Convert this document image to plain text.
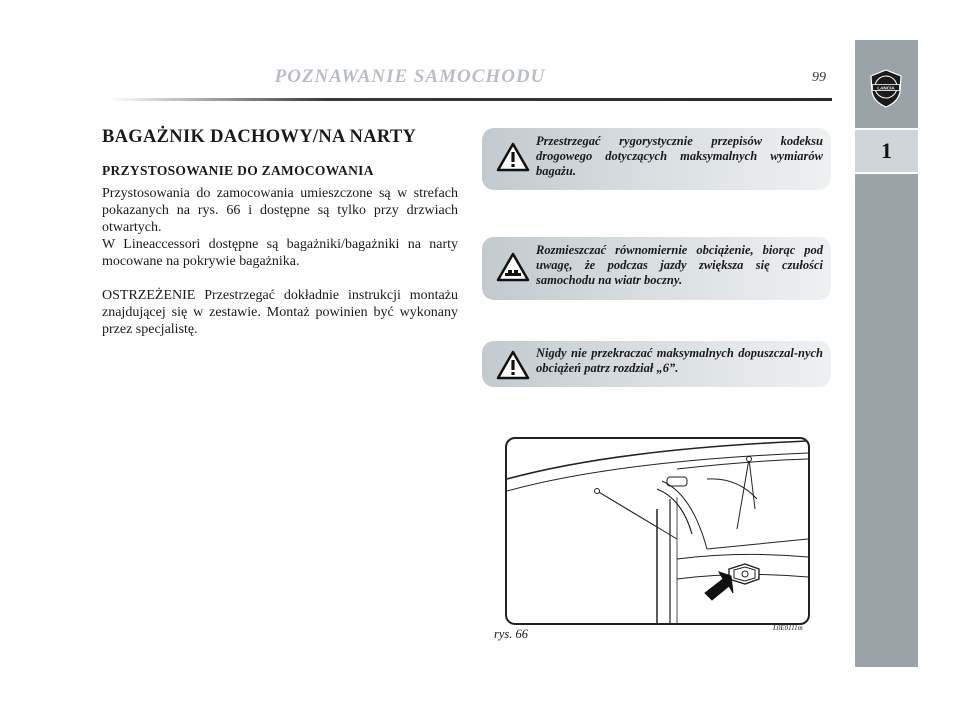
POZNAWANIE SAMOCHODU	99
LANCIA
1
BAGAŻNIK DACHOWY/NA NARTY
PRZYSTOSOWANIE DO ZAMOCOWANIA

Przystosowania do zamocowania umieszczone są w strefach pokazanych na rys. 66 i dostępne są tylko przy drzwiach otwartych.

W Lineaccessori dostępne są bagażniki/bagażniki na narty mocowane na pokrywie bagażnika.

OSTRZEŻENIE Przestrzegać dokładnie instrukcji montażu znajdującej się w zestawie. Montaż powinien być wykonany przez specjalistę.

Przestrzegać rygorystycznie przepisów kodeksu drogowego dotyczących maksymalnych wymiarów bagażu.
Rozmieszczać równomiernie obciążenie, biorąc pod uwagę, że podczas jazdy zwiększa się czułości samochodu na wiatr boczny.
Nigdy nie przekraczać maksymalnych dopuszczal-nych obciążeń patrz rozdział „6”.
rys. 66	L0E0111m
